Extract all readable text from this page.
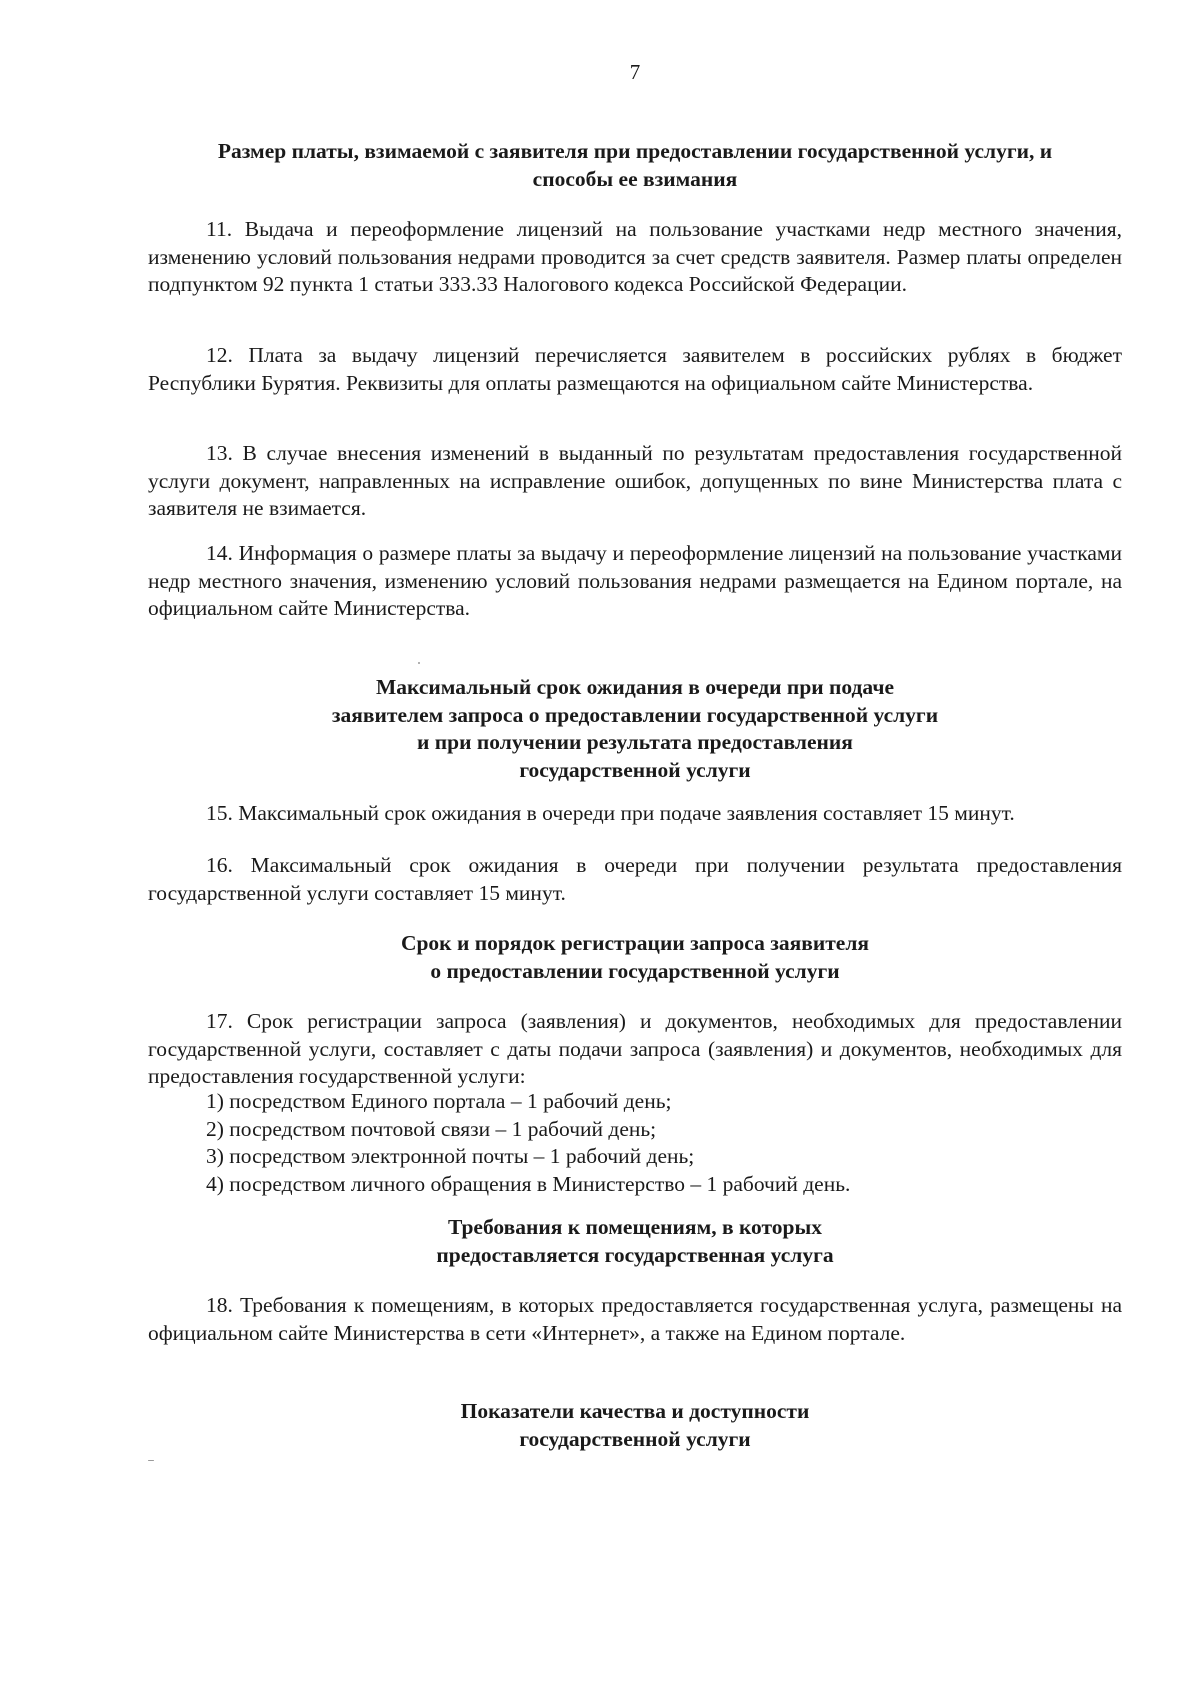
7
Размер платы, взимаемой с заявителя при предоставлении государственной услуги, и способы ее взимания
11. Выдача и переоформление лицензий на пользование участками недр местного значения, изменению условий пользования недрами проводится за счет средств заявителя. Размер платы определен подпунктом 92 пункта 1 статьи 333.33 Налогового кодекса Российской Федерации.
12. Плата за выдачу лицензий перечисляется заявителем в российских рублях в бюджет Республики Бурятия. Реквизиты для оплаты размещаются на официальном сайте Министерства.
13. В случае внесения изменений в выданный по результатам предоставления государственной услуги документ, направленных на исправление ошибок, допущенных по вине Министерства плата с заявителя не взимается.
14. Информация о размере платы за выдачу и переоформление лицензий на пользование участками недр местного значения, изменению условий пользования недрами размещается на Едином портале, на официальном сайте Министерства.
Максимальный срок ожидания в очереди при подаче
заявителем запроса о предоставлении государственной услуги
и при получении результата предоставления
государственной услуги
15. Максимальный срок ожидания в очереди при подаче заявления составляет 15 минут.
16. Максимальный срок ожидания в очереди при получении результата предоставления государственной услуги составляет 15 минут.
Срок и порядок регистрации запроса заявителя
о предоставлении государственной услуги
17. Срок регистрации запроса (заявления) и документов, необходимых для предоставлении государственной услуги, составляет с даты подачи запроса (заявления) и документов, необходимых для предоставления государственной услуги:
1) посредством Единого портала – 1 рабочий день;
2) посредством почтовой связи – 1 рабочий день;
3) посредством электронной почты – 1 рабочий день;
4) посредством личного обращения в Министерство – 1 рабочий день.
Требования к помещениям, в которых
предоставляется государственная услуга
18. Требования к помещениям, в которых предоставляется государственная услуга, размещены на официальном сайте Министерства в сети «Интернет», а также на Едином портале.
Показатели качества и доступности
государственной услуги
